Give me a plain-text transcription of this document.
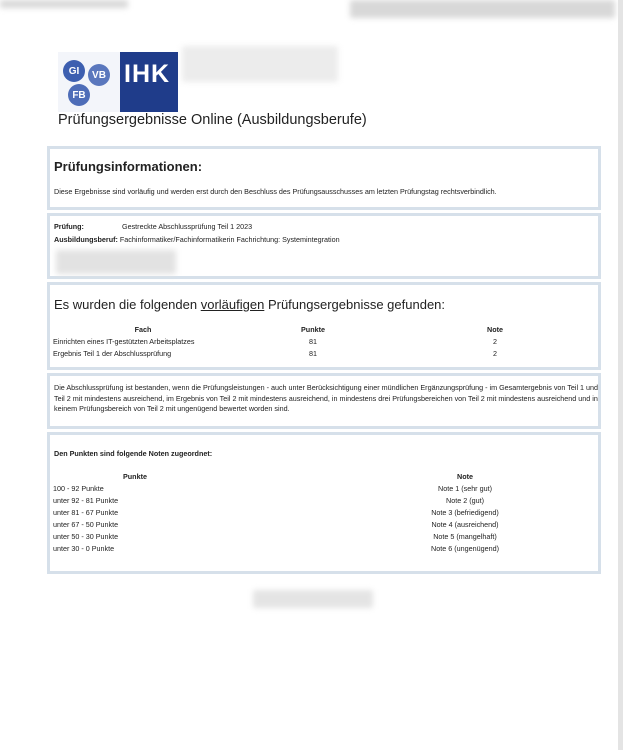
GI	VB
FB
IHK
Prüfungsergebnisse Online (Ausbildungsberufe)
Prüfungsinformationen:
Diese Ergebnisse sind vorläufig und werden erst durch den Beschluss des Prüfungsausschusses am letzten Prüfungstag rechtsverbindlich.
Prüfung:	Gestreckte Abschlussprüfung Teil 1 2023
Ausbildungsberuf: Fachinformatiker/Fachinformatikerin Fachrichtung: Systemintegration
Es wurden die folgenden vorläufigen Prüfungsergebnisse gefunden:
Fach	Punkte	Note
Einrichten eines IT-gestützten Arbeitsplatzes	81	2
Ergebnis Teil 1 der Abschlussprüfung	81	2
Die Abschlussprüfung ist bestanden, wenn die Prüfungsleistungen - auch unter Berücksichtigung einer mündlichen Ergänzungsprüfung - im Gesamtergebnis von Teil 1 und Teil 2 mit mindestens ausreichend, im Ergebnis von Teil 2 mit mindestens ausreichend, in mindestens drei Prüfungsbereichen von Teil 2 mit mindestens ausreichend und in keinem Prüfungsbereich von Teil 2 mit ungenügend bewertet worden sind.
Den Punkten sind folgende Noten zugeordnet:
Punkte	Note
100 - 92 Punkte	Note 1 (sehr gut)
unter 92 - 81 Punkte	Note 2 (gut)
unter 81 - 67 Punkte	Note 3 (befriedigend)
unter 67 - 50 Punkte	Note 4 (ausreichend)
unter 50 - 30 Punkte	Note 5 (mangelhaft)
unter 30 - 0 Punkte	Note 6 (ungenügend)
